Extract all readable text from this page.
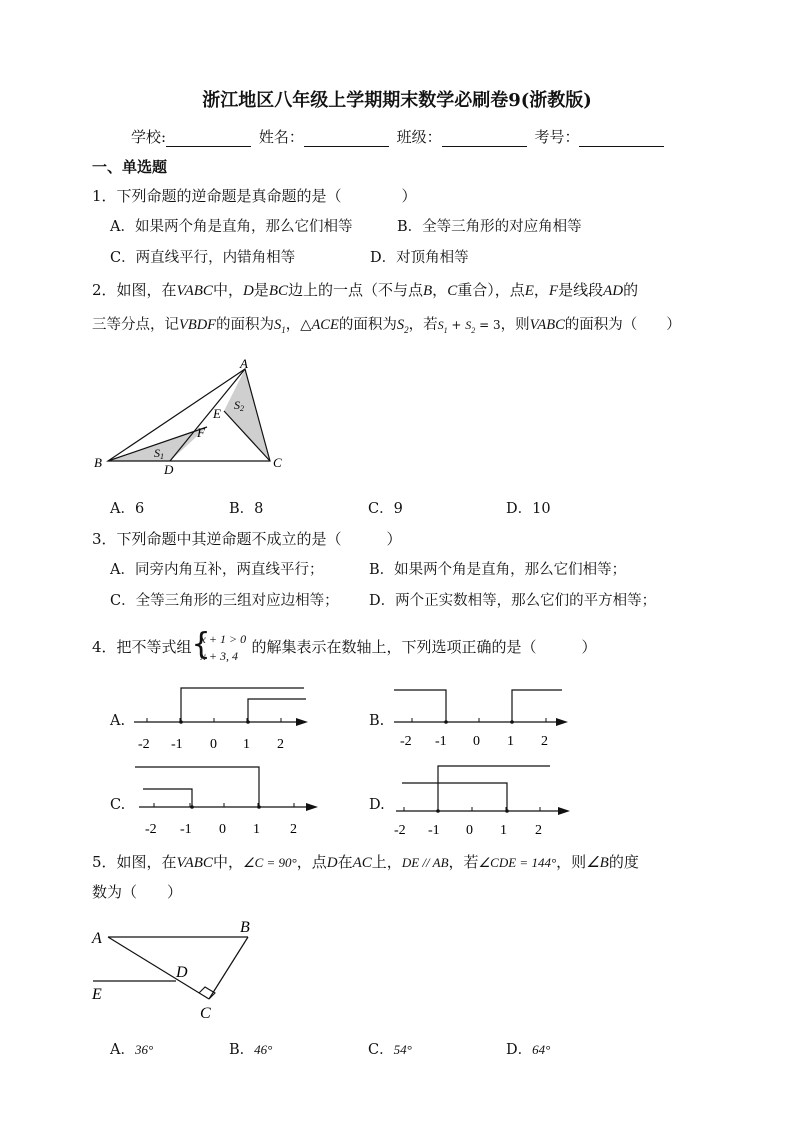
浙江地区八年级上学期期末数学必刷卷9(浙教版)
学校:	姓名：	班级：	考号：
一、单选题
1．下列命题的逆命题是真命题的是（　　　　）
A．如果两个角是直角，那么它们相等	B．全等三角形的对应角相等
C．两直线平行，内错角相等	D．对顶角相等
2．如图，在VABC中，D是BC边上的一点（不与点B，C重合），点E，F是线段AD的
三等分点，记VBDF的面积为$S_1$，△ACE的面积为$S_2$，若$S_1 + S_2 = 3$，则VABC的面积为（　　）
A
B	C
D
E
F
S1
S2
A．6	B．8	C．9	D．10
3．下列命题中其逆命题不成立的是（　　　）
A．同旁内角互补，两直线平行；	B．如果两个角是直角，那么它们相等；
C．全等三角形的三组对应边相等； D．两个正实数相等，那么它们的平方相等；
4．把不等式组 {
x + 1 > 0
x + 3, 4 的解集表示在数轴上，下列选项正确的是（　　　）
A.
-2 -1 0 1 2
B.
-2 -1 0 1 2
C.
-2 -1 0 1 2
D.
-2 -1 0 1 2
5．如图，在VABC中，∠C = 90°，点D在AC上，DE // AB，若∠CDE = 144°，则∠B的度
数为（　　）
A
B
C
D
E
A．36°	B．46°	C．54°	D．64°
